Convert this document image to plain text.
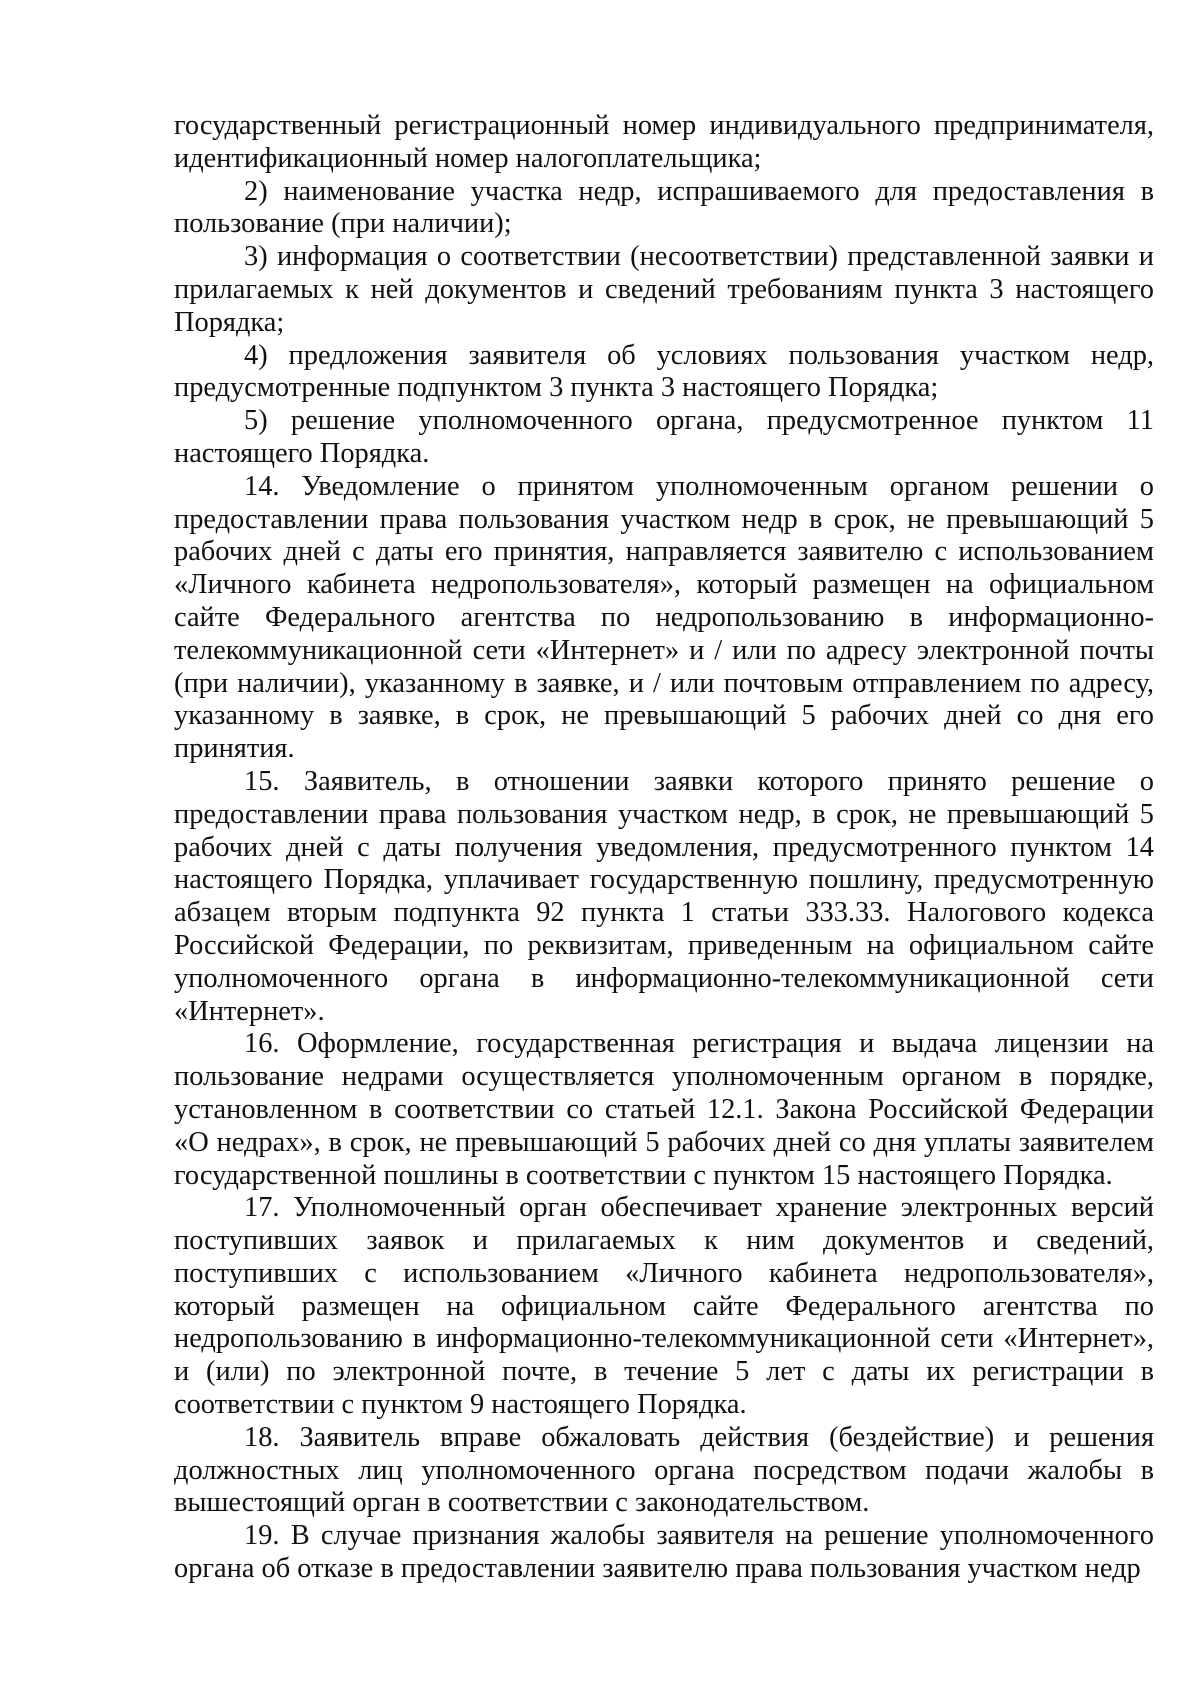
государственный регистрационный номер индивидуального предпринимателя, идентификационный номер налогоплательщика;

2) наименование участка недр, испрашиваемого для предоставления в пользование (при наличии);

3) информация о соответствии (несоответствии) представленной заявки и прилагаемых к ней документов и сведений требованиям пункта 3 настоящего Порядка;

4) предложения заявителя об условиях пользования участком недр, предусмотренные подпунктом 3 пункта 3 настоящего Порядка;

5) решение уполномоченного органа, предусмотренное пунктом 11 настоящего Порядка.

14. Уведомление о принятом уполномоченным органом решении о предоставлении права пользования участком недр в срок, не превышающий 5 рабочих дней с даты его принятия, направляется заявителю с использованием «Личного кабинета недропользователя», который размещен на официальном сайте Федерального агентства по недропользованию в информационно-телекоммуникационной сети «Интернет» и / или по адресу электронной почты (при наличии), указанному в заявке, и / или почтовым отправлением по адресу, указанному в заявке, в срок, не превышающий 5 рабочих дней со дня его принятия.

15. Заявитель, в отношении заявки которого принято решение о предоставлении права пользования участком недр, в срок, не превышающий 5 рабочих дней с даты получения уведомления, предусмотренного пунктом 14 настоящего Порядка, уплачивает государственную пошлину, предусмотренную абзацем вторым подпункта 92 пункта 1 статьи 333.33. Налогового кодекса Российской Федерации, по реквизитам, приведенным на официальном сайте уполномоченного органа в информационно-телекоммуникационной сети «Интернет».

16. Оформление, государственная регистрация и выдача лицензии на пользование недрами осуществляется уполномоченным органом в порядке, установленном в соответствии со статьей 12.1. Закона Российской Федерации «О недрах», в срок, не превышающий 5 рабочих дней со дня уплаты заявителем государственной пошлины в соответствии с пунктом 15 настоящего Порядка.

17. Уполномоченный орган обеспечивает хранение электронных версий поступивших заявок и прилагаемых к ним документов и сведений, поступивших с использованием «Личного кабинета недропользователя», который размещен на официальном сайте Федерального агентства по недропользованию в информационно-телекоммуникационной сети «Интернет», и (или) по электронной почте, в течение 5 лет с даты их регистрации в соответствии с пунктом 9 настоящего Порядка.

18. Заявитель вправе обжаловать действия (бездействие) и решения должностных лиц уполномоченного органа посредством подачи жалобы в вышестоящий орган в соответствии с законодательством.

19. В случае признания жалобы заявителя на решение уполномоченного органа об отказе в предоставлении заявителю права пользования участком недр
